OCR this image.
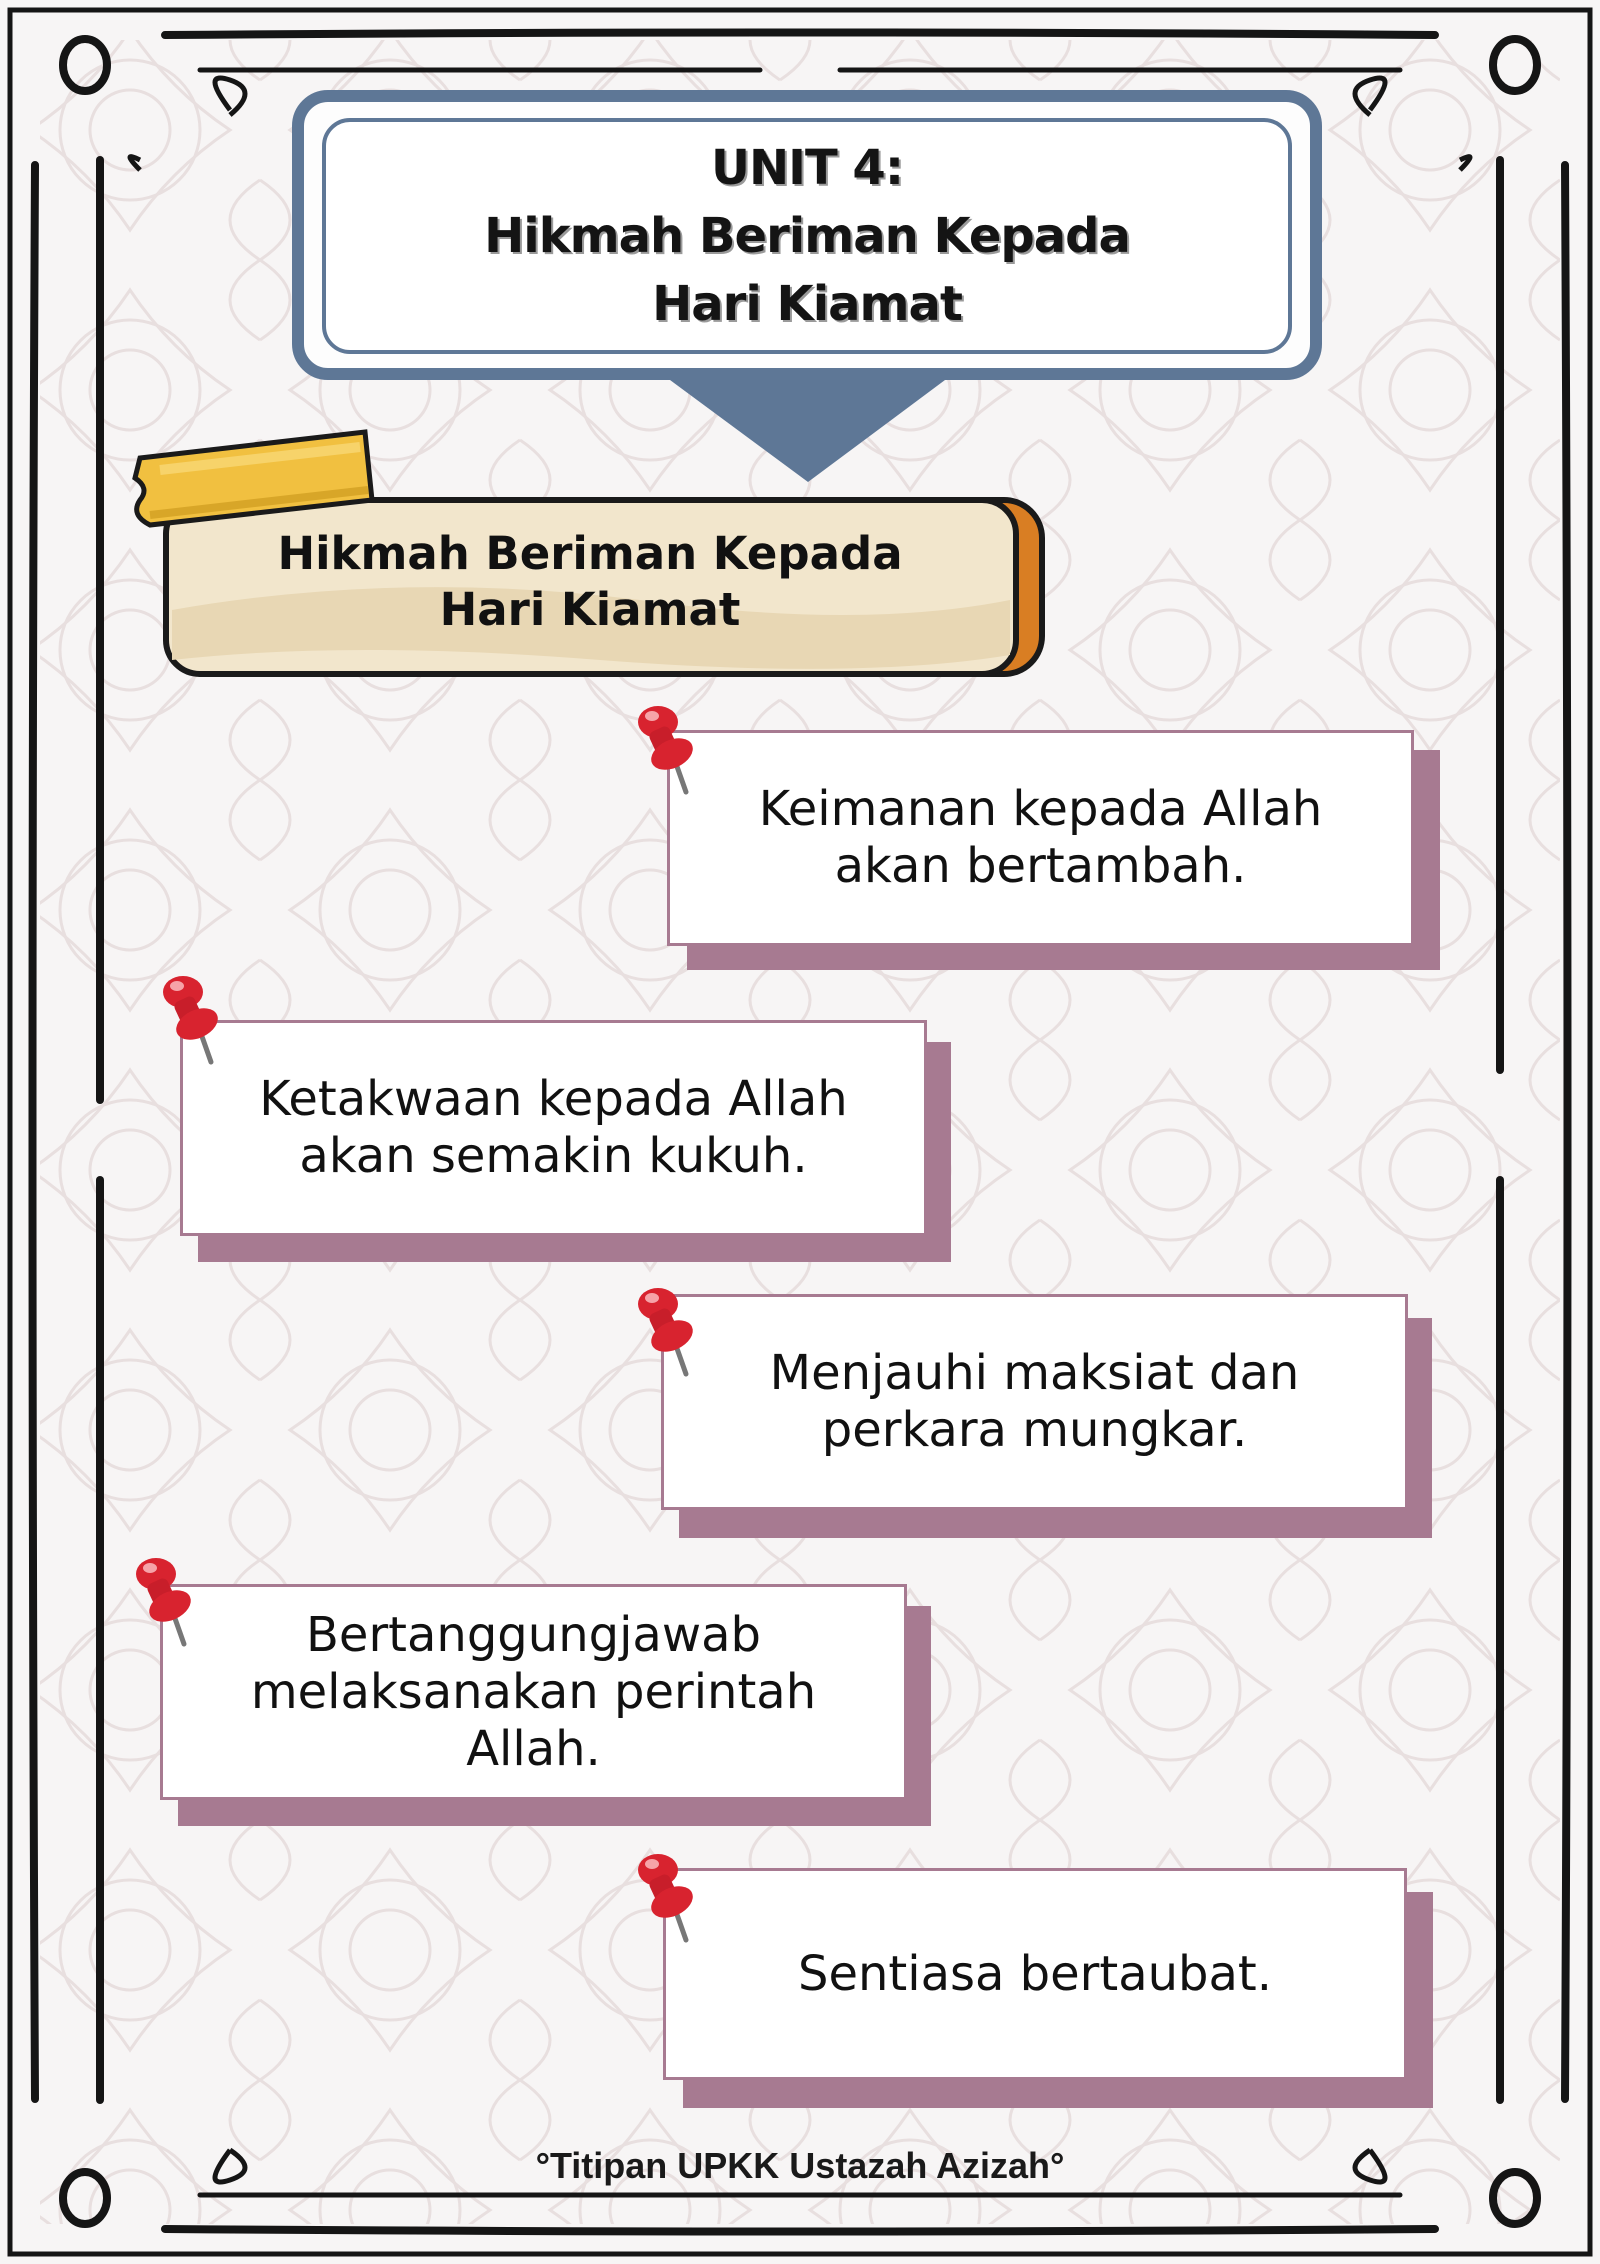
UNIT 4:
Hikmah Beriman Kepada
Hari Kiamat
Hikmah Beriman Kepada
Hari Kiamat
Keimanan kepada Allah
akan bertambah.
Ketakwaan kepada Allah
akan semakin kukuh.
Menjauhi maksiat dan
perkara mungkar.
Bertanggungjawab
melaksanakan perintah
Allah.
Sentiasa bertaubat.
°Titipan UPKK Ustazah Azizah°
